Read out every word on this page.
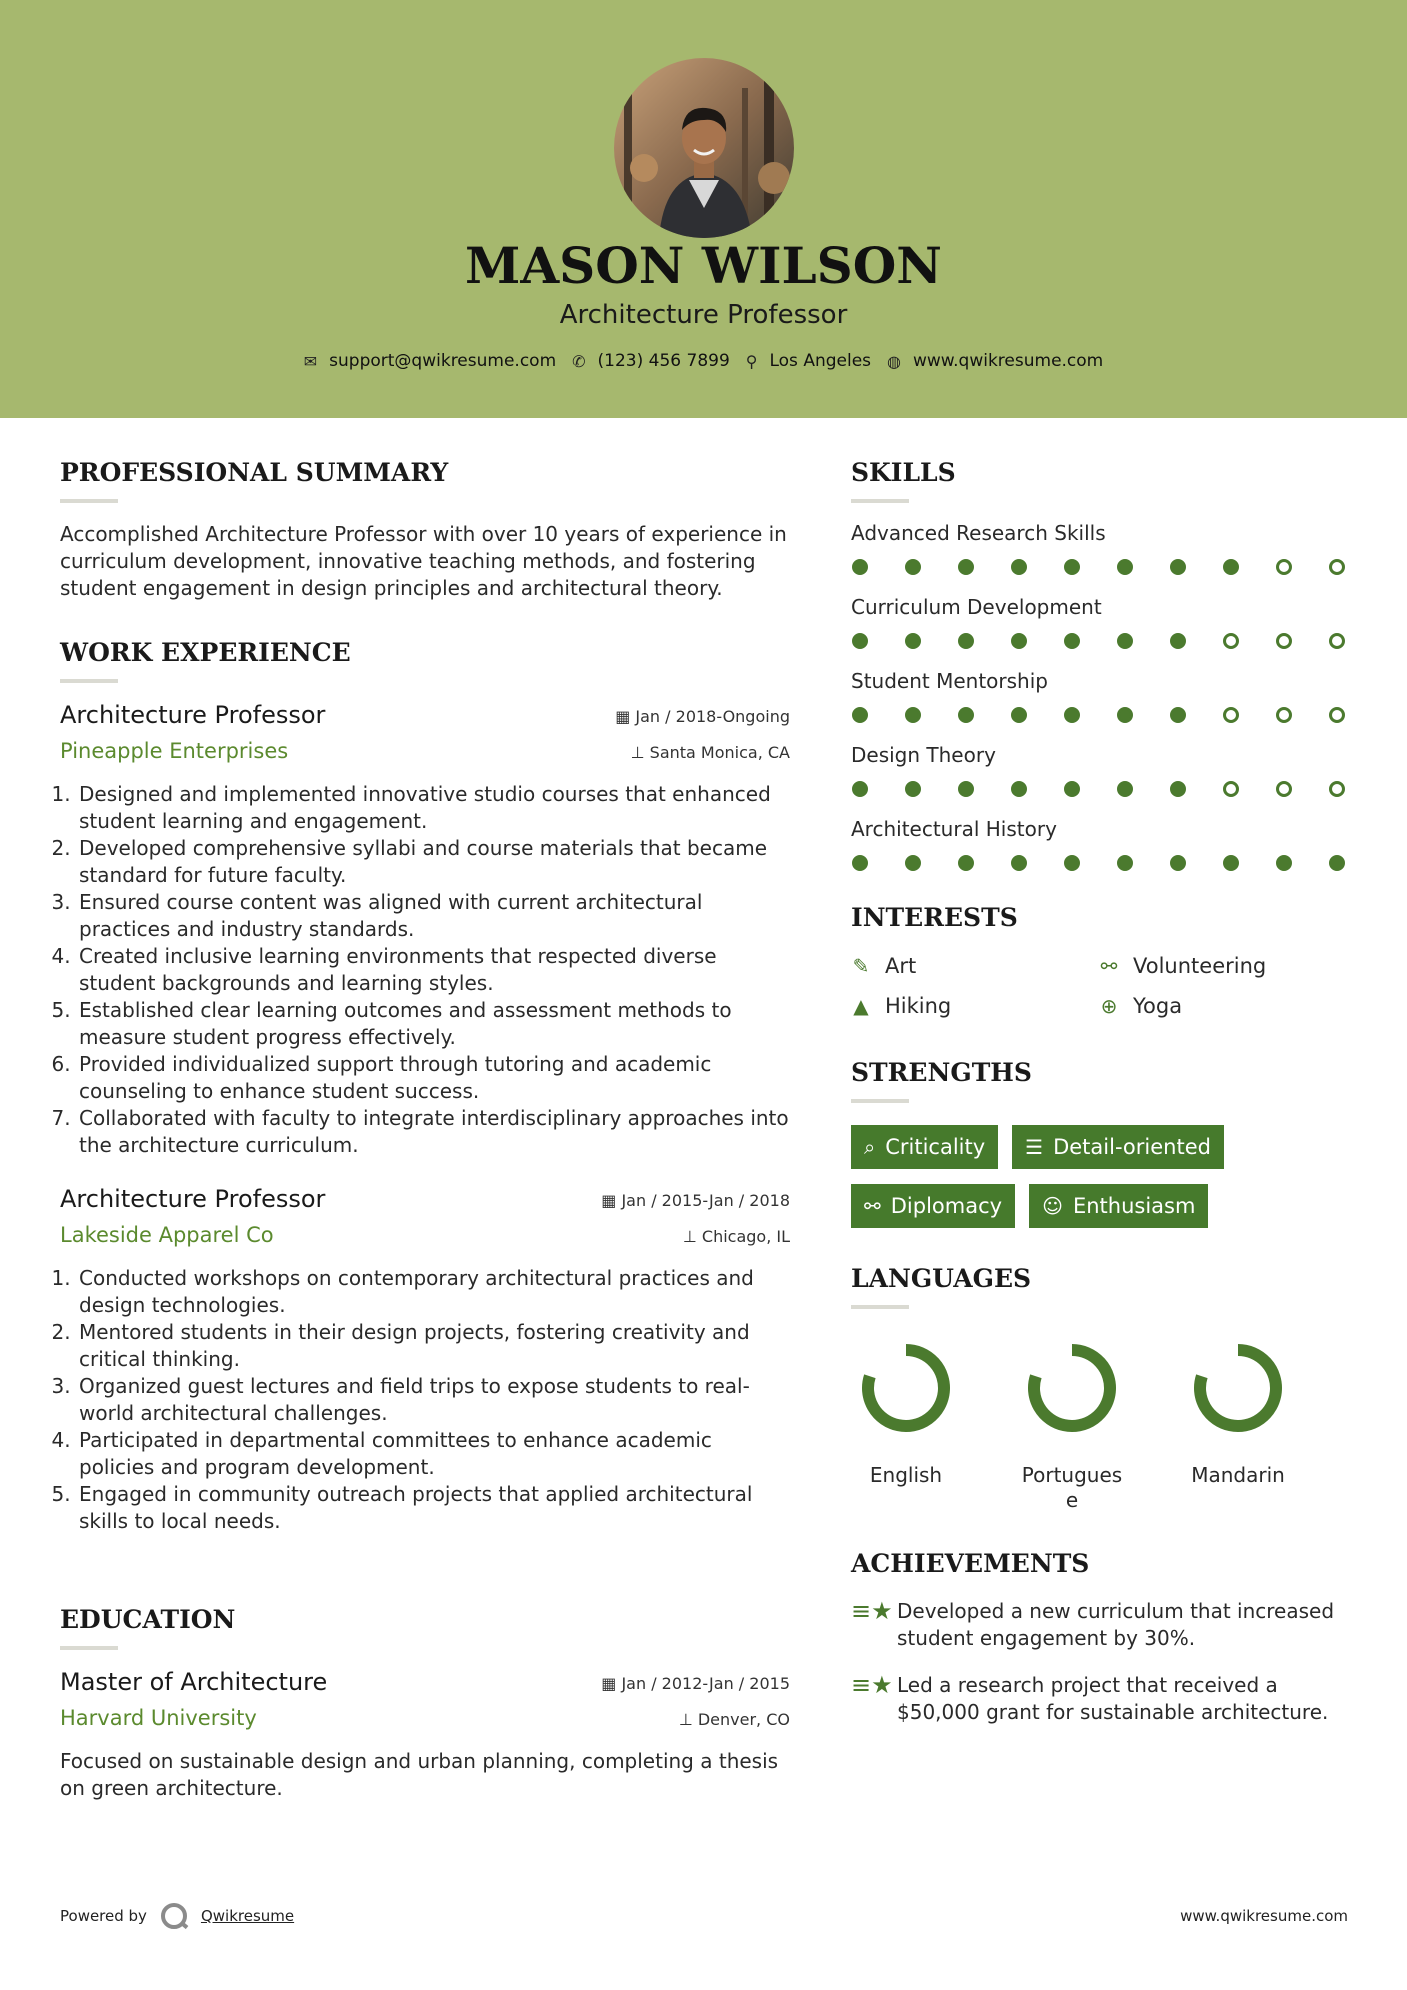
MASON WILSON
Architecture Professor
✉ support@qwikresume.com ✆ (123) 456 7899 ⚲ Los Angeles ◍ www.qwikresume.com
PROFESSIONAL SUMMARY
Accomplished Architecture Professor with over 10 years of experience in curriculum development, innovative teaching methods, and fostering student engagement in design principles and architectural theory.
WORK EXPERIENCE
Architecture Professor	▦ Jan / 2018-Ongoing
Pineapple Enterprises	⊥ Santa Monica, CA
1. Designed and implemented innovative studio courses that enhanced student learning and engagement.
2. Developed comprehensive syllabi and course materials that became standard for future faculty.
3. Ensured course content was aligned with current architectural practices and industry standards.
4. Created inclusive learning environments that respected diverse student backgrounds and learning styles.
5. Established clear learning outcomes and assessment methods to measure student progress effectively.
6. Provided individualized support through tutoring and academic counseling to enhance student success.
7. Collaborated with faculty to integrate interdisciplinary approaches into the architecture curriculum.
Architecture Professor	▦ Jan / 2015-Jan / 2018
Lakeside Apparel Co	⊥ Chicago, IL
1. Conducted workshops on contemporary architectural practices and design technologies.
2. Mentored students in their design projects, fostering creativity and critical thinking.
3. Organized guest lectures and field trips to expose students to real-world architectural challenges.
4. Participated in departmental committees to enhance academic policies and program development.
5. Engaged in community outreach projects that applied architectural skills to local needs.
EDUCATION
Master of Architecture	▦ Jan / 2012-Jan / 2015
Harvard University	⊥ Denver, CO
Focused on sustainable design and urban planning, completing a thesis on green architecture.
SKILLS
Advanced Research Skills
Curriculum Development
Student Mentorship
Design Theory
Architectural History
INTERESTS
✎ Art	⚯ Volunteering
▲ Hiking	⊕ Yoga
STRENGTHS
⌕ Criticality ☰ Detail-oriented
⚯ Diplomacy ☺ Enthusiasm
LANGUAGES
English	Portugues
e
Mandarin
ACHIEVEMENTS
≡★ Developed a new curriculum that increased student engagement by 30%.
≡★ Led a research project that received a $50,000 grant for sustainable architecture.
Powered by	Qwikresume	www.qwikresume.com
